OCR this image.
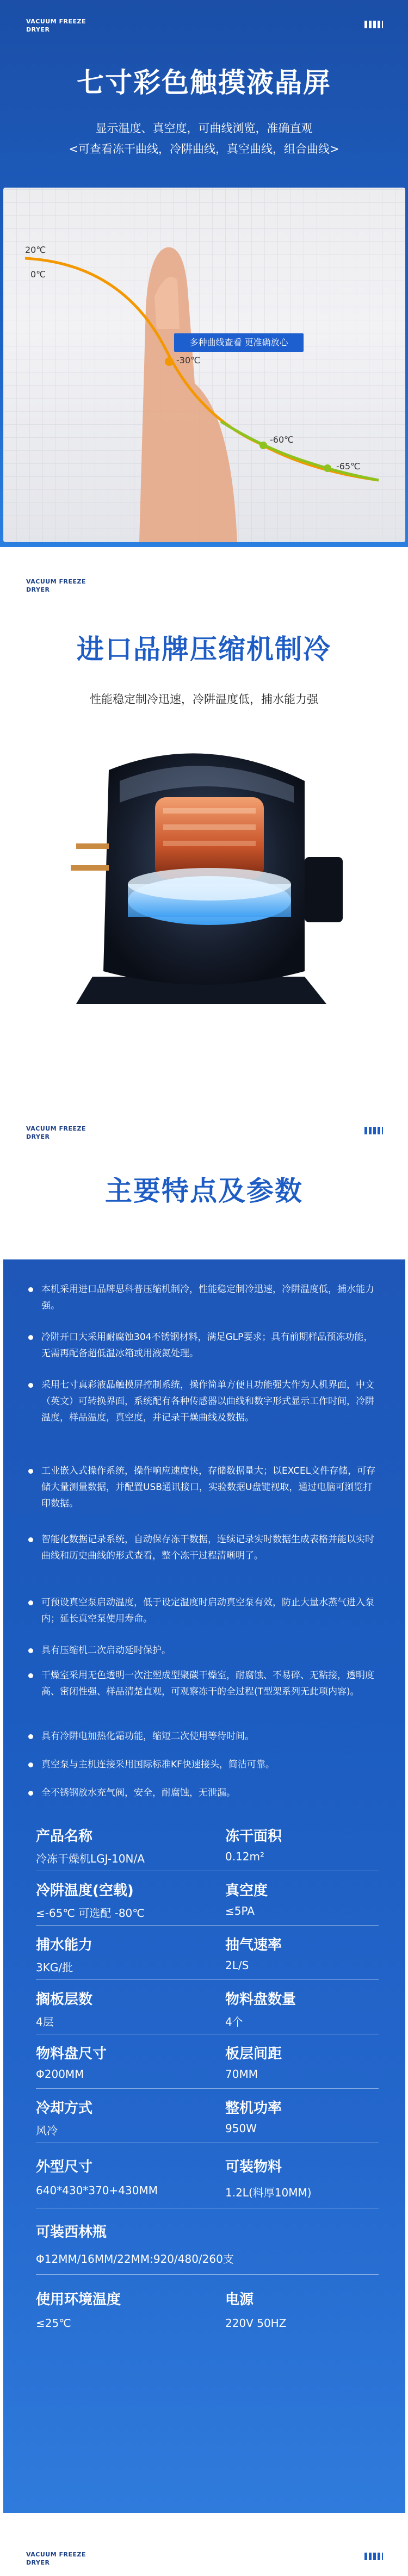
VACUUM FREEZE
DRYER
七寸彩色触摸液晶屏
显示温度、真空度，可曲线浏览，准确直观
<可查看冻干曲线，冷阱曲线，真空曲线，组合曲线>
20℃
0℃
-30℃
-60℃
-65℃
多种曲线查看 更准确放心
VACUUM FREEZE
DRYER
进口品牌压缩机制冷
性能稳定制冷迅速，冷阱温度低，捕水能力强
VACUUM FREEZE
DRYER
主要特点及参数
本机采用进口品牌思科普压缩机制冷，性能稳定制冷迅速，冷阱温度低，捕水能力强。
冷阱开口大采用耐腐蚀304不锈钢材料，满足GLP要求；具有前期样品预冻功能，无需再配备超低温冰箱或用液氮处理。
采用七寸真彩液晶触摸屏控制系统，操作简单方便且功能强大作为人机界面，中文（英文）可转换界面，系统配有各种传感器以曲线和数字形式显示工作时间，冷阱温度，样品温度，真空度，并记录干燥曲线及数据。
工业嵌入式操作系统，操作响应速度快，存储数据量大；以EXCEL文件存储，可存储大量测量数据，并配置USB通讯接口，实验数据U盘键视取，通过电脑可浏览打印数据。
智能化数据记录系统，自动保存冻干数据，连续记录实时数据生成表格并能以实时曲线和历史曲线的形式查看，整个冻干过程清晰明了。
可预设真空泵启动温度，低于设定温度时启动真空泵有效，防止大量水蒸气进入泵内；延长真空泵使用寿命。
具有压缩机二次启动延时保护。
干燥室采用无色透明一次注塑成型聚碳干燥室，耐腐蚀、不易碎、无粘接，透明度高、密闭性强、样品清楚直观，可观察冻干的全过程(T型架系列无此项内容)。
具有冷阱电加热化霜功能，缩短二次使用等待时间。
真空泵与主机连接采用国际标准KF快速接头，简洁可靠。
全不锈钢放水充气阀，安全，耐腐蚀，无泄漏。
产品名称
冷冻干燥机LGJ-10N/A
冻干面积
0.12m²
冷阱温度(空载)
≤-65℃ 可选配 -80℃
真空度
≤5PA
捕水能力
3KG/批
抽气速率
2L/S
搁板层数
4层
物料盘数量
4个
物料盘尺寸
Φ200MM
板层间距
70MM
冷却方式
风冷
整机功率
950W
外型尺寸
640*430*370+430MM
可装物料
1.2L(料厚10MM)
可装西林瓶
Φ12MM/16MM/22MM:920/480/260支
使用环境温度
≤25℃
电源
220V 50HZ
VACUUM FREEZE
DRYER
